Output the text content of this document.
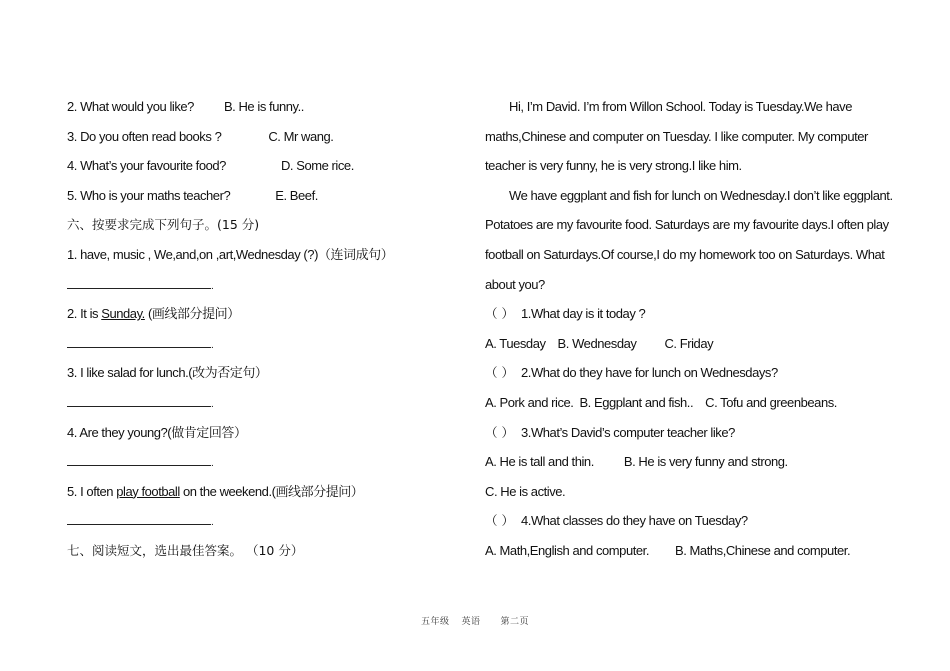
2. What would you like? B. He is funny..
3. Do you often read books ?	C. Mr wang.
4. What’s your favourite food?	D. Some rice.
5. Who is your maths teacher?	E. Beef.
六、按要求完成下列句子。(15 分)
1. have, music , We,and,on ,art,Wednesday (?)（连词成句）
.
2. It is Sunday. (画线部分提问）
.
3. I like salad for lunch.(改为否定句）
.
4. Are they young?(做肯定回答）
.
5. I often play football on the weekend.(画线部分提问）
.
七、阅读短文，选出最佳答案。 （10 分）
Hi, I’m David. I’m from Willon School. Today is Tuesday.We have
maths,Chinese and computer on Tuesday. I like computer. My computer
teacher is very funny, he is very strong.I like him.
We have eggplant and fish for lunch on Wednesday.I don’t like eggplant.
Potatoes are my favourite food. Saturdays are my favourite days.I often play
football on Saturdays.Of course,I do my homework too on Saturdays. What
about you?
（ ） 1.What day is it today ?
A. Tuesday B. Wednesday C. Friday
（ ） 2.What do they have for lunch on Wednesdays?
A. Pork and rice. B. Eggplant and fish.. C. Tofu and greenbeans.
（ ） 3.What’s David’s computer teacher like?
A. He is tall and thin. B. He is very funny and strong.
C. He is active.
（ ） 4.What classes do they have on Tuesday?
A. Math,English and computer. B. Maths,Chinese and computer.
五年级 英语 第二页
